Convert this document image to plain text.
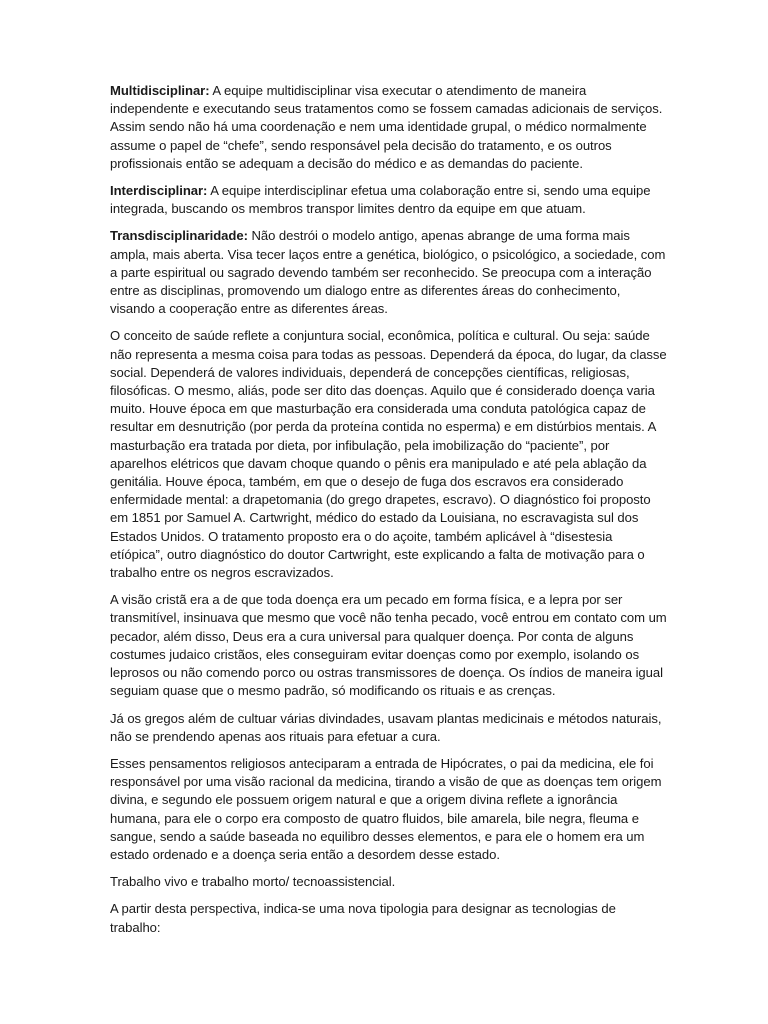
Multidisciplinar: A equipe multidisciplinar visa executar o atendimento de maneira independente e executando seus tratamentos como se fossem camadas adicionais de serviços. Assim sendo não há uma coordenação e nem uma identidade grupal, o médico normalmente assume o papel de “chefe”, sendo responsável pela decisão do tratamento, e os outros profissionais então se adequam a decisão do médico e as demandas do paciente.

Interdisciplinar: A equipe interdisciplinar efetua uma colaboração entre si, sendo uma equipe integrada, buscando os membros transpor limites dentro da equipe em que atuam.

Transdisciplinaridade: Não destrói o modelo antigo, apenas abrange de uma forma mais ampla, mais aberta. Visa tecer laços entre a genética, biológico, o psicológico, a sociedade, com a parte espiritual ou sagrado devendo também ser reconhecido. Se preocupa com a interação entre as disciplinas, promovendo um dialogo entre as diferentes áreas do conhecimento, visando a cooperação entre as diferentes áreas.

O conceito de saúde reflete a conjuntura social, econômica, política e cultural. Ou seja: saúde não representa a mesma coisa para todas as pessoas. Dependerá da época, do lugar, da classe social. Dependerá de valores individuais, dependerá de concepções científicas, religiosas, filosóficas. O mesmo, aliás, pode ser dito das doenças. Aquilo que é considerado doença varia muito. Houve época em que masturbação era considerada uma conduta patológica capaz de resultar em desnutrição (por perda da proteína contida no esperma) e em distúrbios mentais. A masturbação era tratada por dieta, por infibulação, pela imobilização do “paciente”, por aparelhos elétricos que davam choque quando o pênis era manipulado e até pela ablação da genitália. Houve época, também, em que o desejo de fuga dos escravos era considerado enfermidade mental: a drapetomania (do grego drapetes, escravo). O diagnóstico foi proposto em 1851 por Samuel A. Cartwright, médico do estado da Louisiana, no escravagista sul dos Estados Unidos. O tratamento proposto era o do açoite, também aplicável à “disestesia etíópica”, outro diagnóstico do doutor Cartwright, este explicando a falta de motivação para o trabalho entre os negros escravizados.

A visão cristã era a de que toda doença era um pecado em forma física, e a lepra por ser transmitível, insinuava que mesmo que você não tenha pecado, você entrou em contato com um pecador, além disso, Deus era a cura universal para qualquer doença. Por conta de alguns costumes judaico cristãos, eles conseguiram evitar doenças como por exemplo, isolando os leprosos ou não comendo porco ou ostras transmissores de doença. Os índios de maneira igual seguiam quase que o mesmo padrão, só modificando os rituais e as crenças.

Já os gregos além de cultuar várias divindades, usavam plantas medicinais e métodos naturais, não se prendendo apenas aos rituais para efetuar a cura.

Esses pensamentos religiosos anteciparam a entrada de Hipócrates, o pai da medicina, ele foi responsável por uma visão racional da medicina, tirando a visão de que as doenças tem origem divina, e segundo ele possuem origem natural e que a origem divina reflete a ignorância humana, para ele o corpo era composto de quatro fluidos, bile amarela, bile negra, fleuma e sangue, sendo a saúde baseada no equilibro desses elementos, e para ele o homem era um estado ordenado e a doença seria então a desordem desse estado.

Trabalho vivo e trabalho morto/ tecnoassistencial.

A partir desta perspectiva, indica-se uma nova tipologia para designar as tecnologias de trabalho:
